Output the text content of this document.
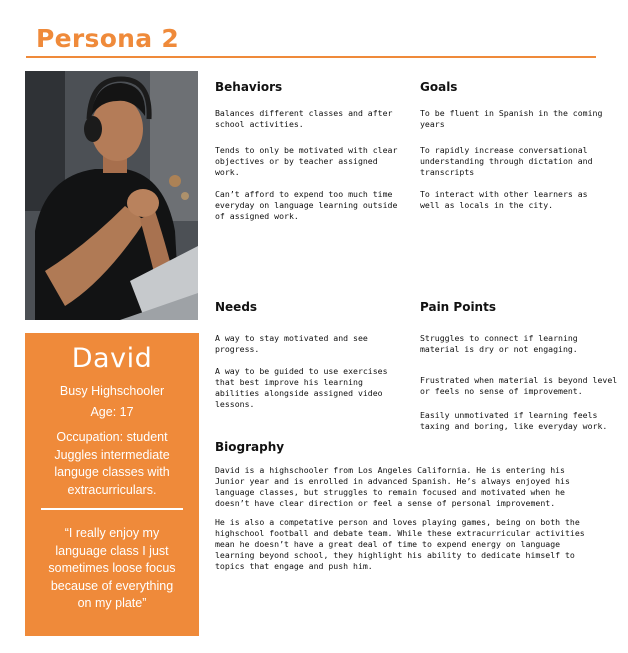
Persona 2
David
Busy Highschooler
Age: 17
Occupation: student
Juggles intermediate
languge classes with
extracurriculars.
“I really enjoy my
language class I just
sometimes loose focus
because of everything
on my plate”
Behaviors
Balances different classes and after
school activities.
Tends to only be motivated with clear
objectives or by teacher assigned
work.
Can’t afford to expend too much time
everyday on language learning outside
of assigned work.
Goals
To be fluent in Spanish in the coming
years
To rapidly increase conversational
understanding through dictation and
transcripts
To interact with other learners as
well as locals in the city.
Needs
A way to stay motivated and see
progress.
A way to be guided to use exercises
that best improve his learning
abilities alongside assigned video
lessons.
Pain Points
Struggles to connect if learning
material is dry or not engaging.
Frustrated when material is beyond level
or feels no sense of improvement.
Easily unmotivated if learning feels
taxing and boring, like everyday work.
Biography
David is a highschooler from Los Angeles California. He is entering his
Junior year and is enrolled in advanced Spanish. He’s always enjoyed his
language classes, but struggles to remain focused and motivated when he
doesn’t have clear direction or feel a sense of personal improvement.
He is also a competative person and loves playing games, being on both the
highschool football and debate team. While these extracurricular activities
mean he doesn’t have a great deal of time to expend energy on language
learning beyond school, they highlight his ability to dedicate himself to
topics that engage and push him.
